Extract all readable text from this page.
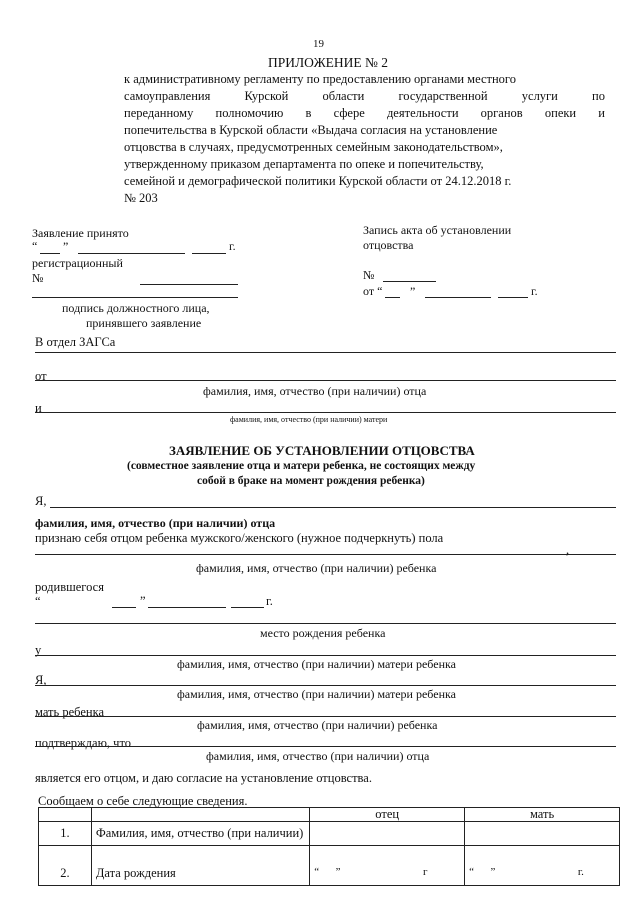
19
ПРИЛОЖЕНИЕ № 2
к административному регламенту по предоставлению органами местного
самоуправления Курской области государственной услуги по
переданному полномочию в сфере деятельности органов опеки и
попечительства в Курской области «Выдача согласия на установление
отцовства в случаях, предусмотренных семейным законодательством»,
утвержденному приказом департамента по опеке и попечительству,
семейной и демографической политики Курской области от 24.12.2018 г.
№ 203
Заявление принято
“ ”	г.
регистрационный
№
подпись должностного лица,
принявшего заявление
Запись акта об установлении
отцовства
№
от “ ”	г.
В отдел ЗАГСа
от
фамилия, имя, отчество (при наличии) отца
и
фамилия, имя, отчество (при наличии) матери
ЗАЯВЛЕНИЕ ОБ УСТАНОВЛЕНИИ ОТЦОВСТВА
(совместное заявление отца и матери ребенка, не состоящих между
собой в браке на момент рождения ребенка)
Я,
фамилия, имя, отчество (при наличии) отца
признаю себя отцом ребенка мужского/женского (нужное подчеркнуть) пола
,
фамилия, имя, отчество (при наличии) ребенка
родившегося
“	”	г.
место рождения ребенка
у
фамилия, имя, отчество (при наличии) матери ребенка
Я,
фамилия, имя, отчество (при наличии) матери ребенка
мать ребенка
фамилия, имя, отчество (при наличии) ребенка
подтверждаю, что
фамилия, имя, отчество (при наличии) отца
является его отцом, и даю согласие на установление отцовства.
Сообщаем о себе следующие сведения.
		отец	мать
1.	Фамилия, имя, отчество (при наличии)		
2.	Дата рождения	“      ”                              г	“      ”                              г.
